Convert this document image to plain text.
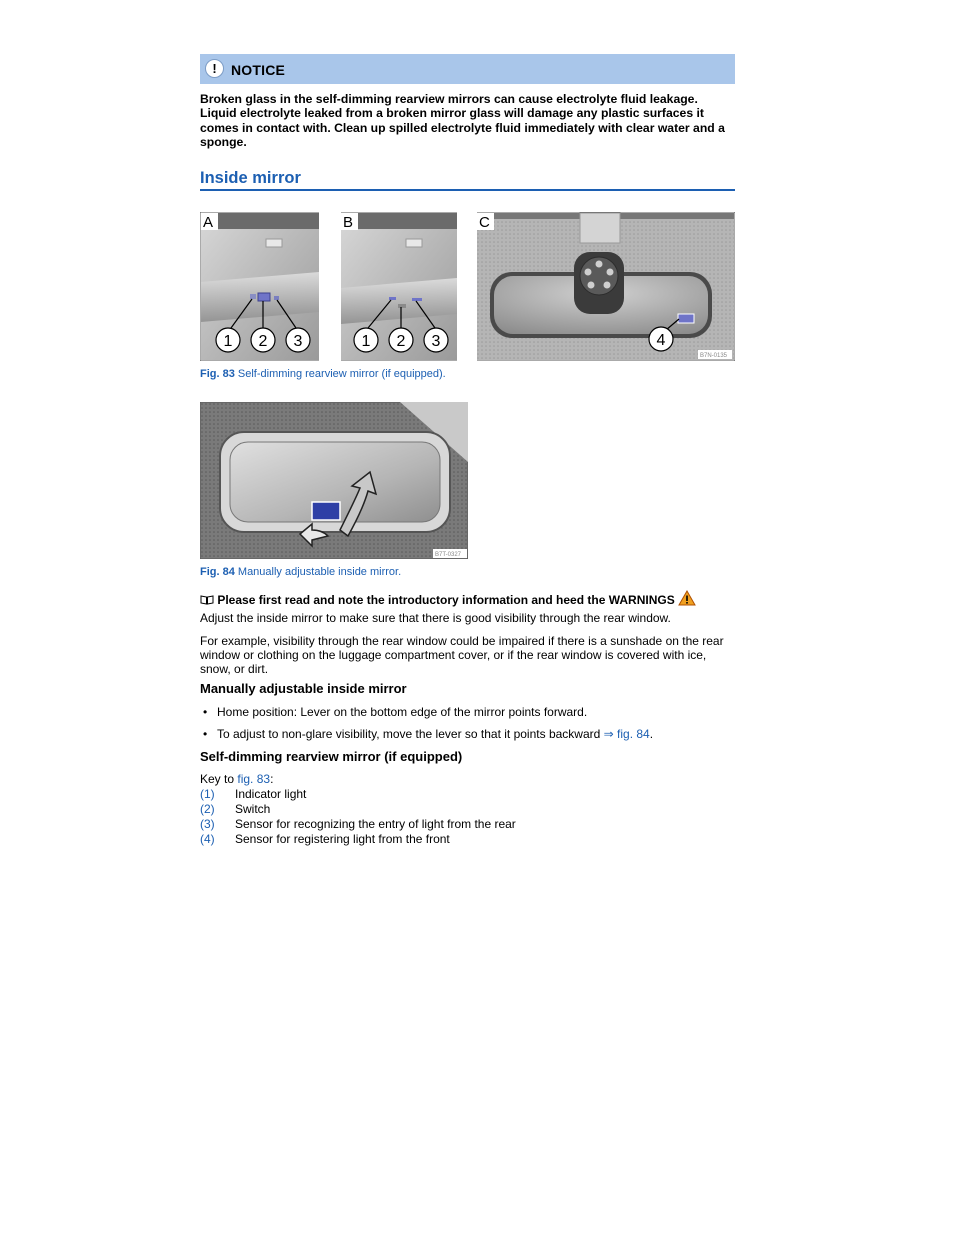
!	NOTICE
Broken glass in the self-dimming rearview mirrors can cause electrolyte fluid leakage. Liquid electrolyte leaked from a broken mirror glass will damage any plastic surfaces it comes in contact with. Clean up spilled electrolyte fluid immediately with clear water and a sponge.
Inside mirror
A
1 2 3
B
1 2 3
C
4
B7N-0135
Fig. 83 Self-dimming rearview mirror (if equipped).
B7T-0327
Fig. 84 Manually adjustable inside mirror.
Please first read and note the introductory information and heed the WARNINGS
Adjust the inside mirror to make sure that there is good visibility through the rear window.
For example, visibility through the rear window could be impaired if there is a sunshade on the rear window or clothing on the luggage compartment cover, or if the rear window is covered with ice, snow, or dirt.
Manually adjustable inside mirror
• Home position: Lever on the bottom edge of the mirror points forward.
• To adjust to non-glare visibility, move the lever so that it points backward ⇒ fig. 84.
Self-dimming rearview mirror (if equipped)
Key to fig. 83:
(1) Indicator light
(2) Switch
(3) Sensor for recognizing the entry of light from the rear
(4) Sensor for registering light from the front
